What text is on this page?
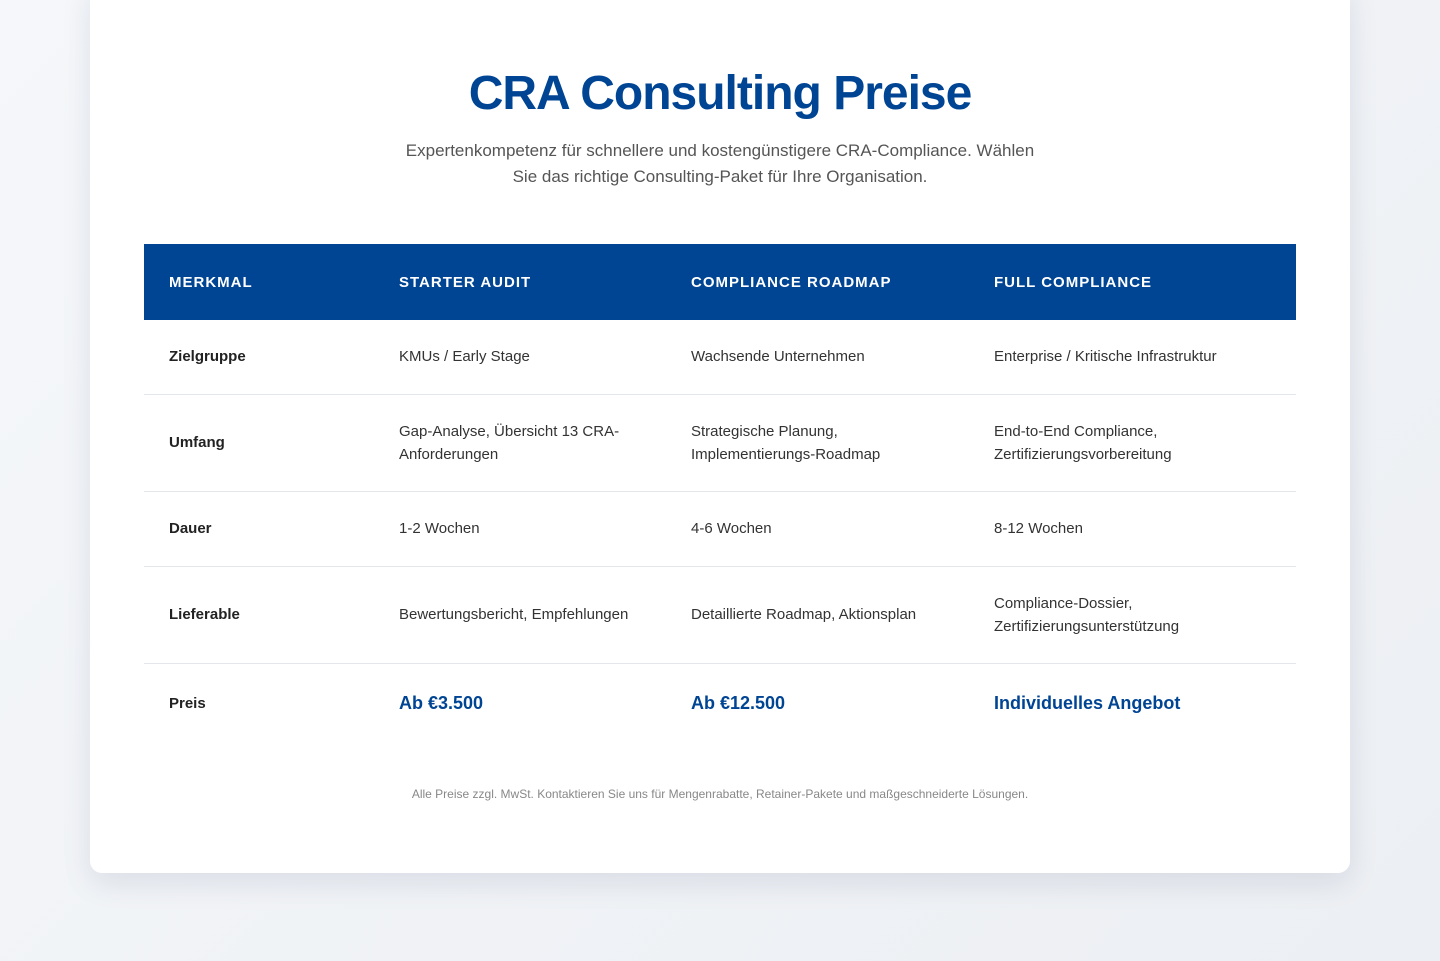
CRA Consulting Preise

Expertenkompetenz für schnellere und kostengünstigere CRA-Compliance. Wählen Sie das richtige Consulting-Paket für Ihre Organisation.

MERKMAL	STARTER AUDIT	COMPLIANCE ROADMAP	FULL COMPLIANCE
Zielgruppe	KMUs / Early Stage	Wachsende Unternehmen	Enterprise / Kritische Infrastruktur
Umfang	Gap-Analyse, Übersicht 13 CRA-Anforderungen	Strategische Planung, Implementierungs-Roadmap	End-to-End Compliance, Zertifizierungsvorbereitung
Dauer	1-2 Wochen	4-6 Wochen	8-12 Wochen
Lieferable	Bewertungsbericht, Empfehlungen	Detaillierte Roadmap, Aktionsplan	Compliance-Dossier, Zertifizierungsunterstützung
Preis	Ab €3.500	Ab €12.500	Individuelles Angebot

Alle Preise zzgl. MwSt. Kontaktieren Sie uns für Mengenrabatte, Retainer-Pakete und maßgeschneiderte Lösungen.
